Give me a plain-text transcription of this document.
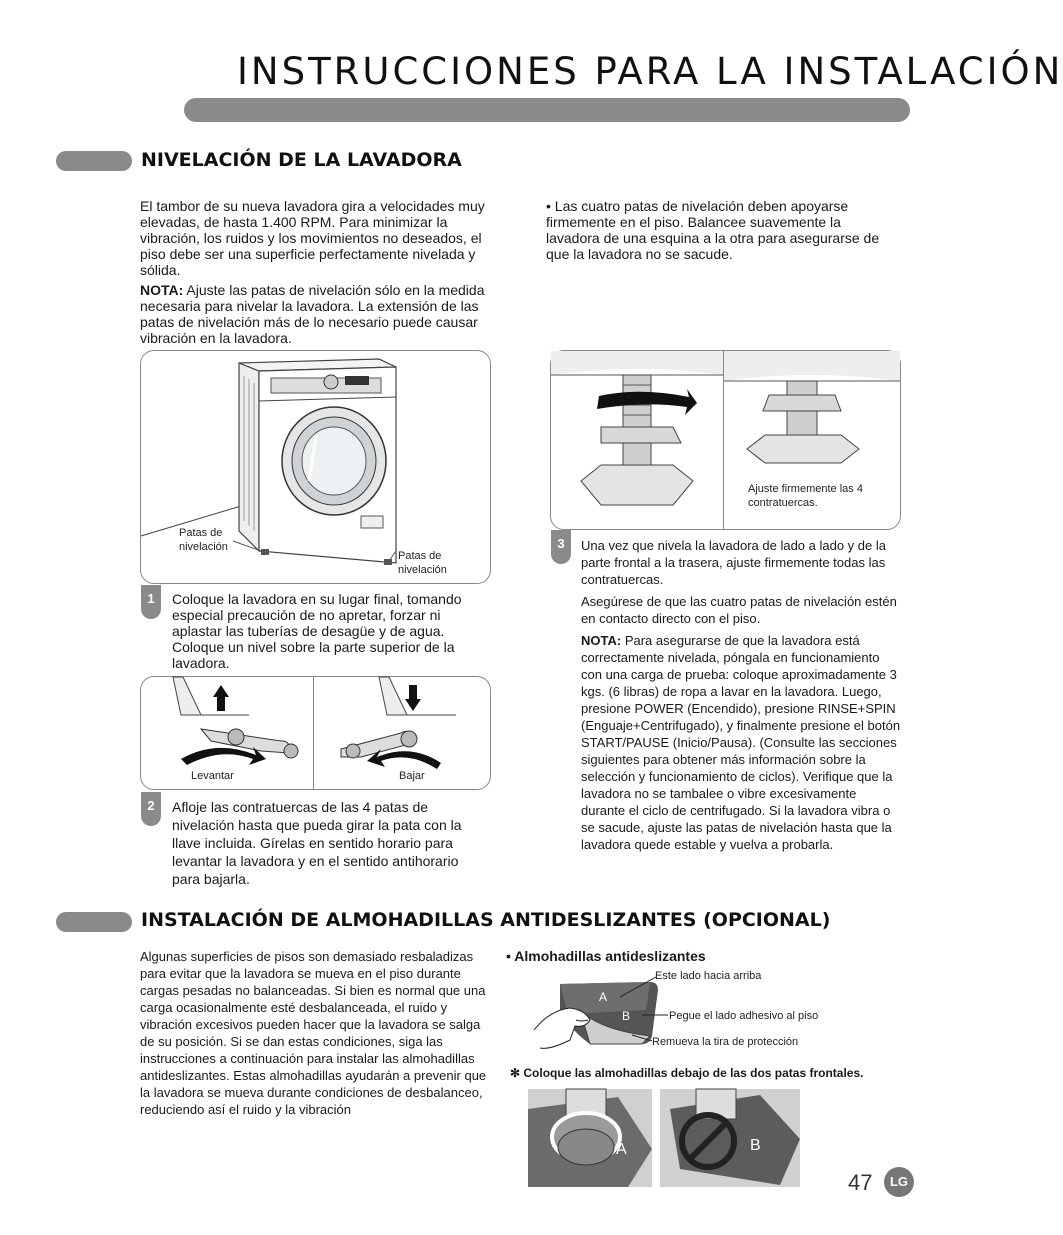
INSTRUCCIONES PARA LA INSTALACIÓN
NIVELACIÓN DE LA LAVADORA

El tambor de su nueva lavadora gira a velocidades muy elevadas, de hasta 1.400 RPM. Para minimizar la vibración, los ruidos y los movimientos no deseados, el piso debe ser una superficie perfectamente nivelada y sólida.

NOTA: Ajuste las patas de nivelación sólo en la medida necesaria para nivelar la lavadora. La extensión de las patas de nivelación más de lo necesario puede causar vibración en la lavadora.

• Las cuatro patas de nivelación deben apoyarse firmemente en el piso. Balancee suavemente la lavadora de una esquina a la otra para asegurarse de que la lavadora no se sacude.
Patas de nivelación
Patas de nivelación
1	Coloque la lavadora en su lugar final, tomando especial precaución de no apretar, forzar ni aplastar las tuberías de desagüe y de agua. Coloque un nivel sobre la parte superior de la lavadora.
Levantar	Bajar
2	Afloje las contratuercas de las 4 patas de nivelación hasta que pueda girar la pata con la llave incluida. Gírelas en sentido horario para levantar la lavadora y en el sentido antihorario para bajarla.
Ajuste firmemente las 4 contratuercas.
3	Una vez que nivela la lavadora de lado a lado y de la parte frontal a la trasera, ajuste firmemente todas las contratuercas.

Asegúrese de que las cuatro patas de nivelación estén en contacto directo con el piso.

NOTA: Para asegurarse de que la lavadora está correctamente nivelada, póngala en funcionamiento con una carga de prueba: coloque aproximadamente 3 kgs. (6 libras) de ropa a lavar en la lavadora. Luego, presione POWER (Encendido), presione RINSE+SPIN (Enguaje+Centrifugado), y finalmente presione el botón START/PAUSE (Inicio/Pausa). (Consulte las secciones siguientes para obtener más información sobre la selección y funcionamiento de ciclos). Verifique que la lavadora no se tambalee o vibre excesivamente durante el ciclo de centrifugado. Si la lavadora vibra o se sacude, ajuste las patas de nivelación hasta que la lavadora quede estable y vuelva a probarla.

INSTALACIÓN DE ALMOHADILLAS ANTIDESLIZANTES (OPCIONAL)
Algunas superficies de pisos son demasiado resbaladizas para evitar que la lavadora se mueva en el piso durante cargas pesadas no balanceadas. Si bien es normal que una carga ocasionalmente esté desbalanceada, el ruido y vibración excesivos pueden hacer que la lavadora se salga de su posición. Si se dan estas condiciones, siga las instrucciones a continuación para instalar las almohadillas antideslizantes. Estas almohadillas ayudarán a prevenir que la lavadora se mueva durante condiciones de desbalanceo, reduciendo así el ruido y la vibración
• Almohadillas antideslizantes
A
B
Este lado hacia arriba
Pegue el lado adhesivo al piso
Remueva la tira de protección
✻ Coloque las almohadillas debajo de las dos patas frontales.
A	B
47	LG
